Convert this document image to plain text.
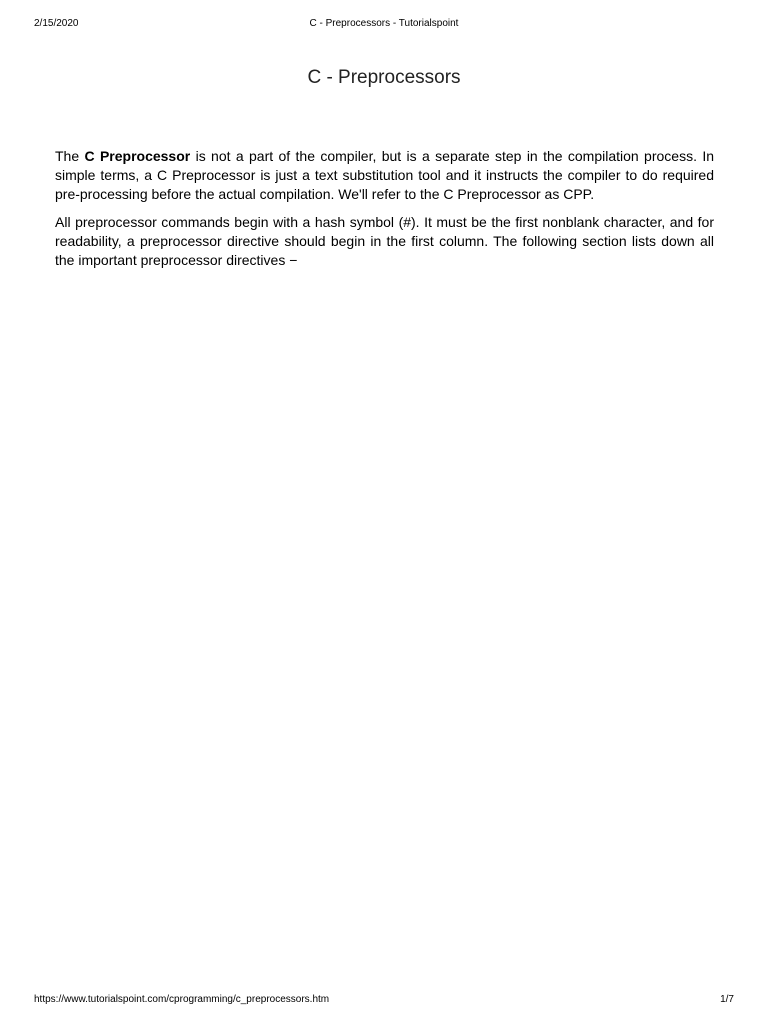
2/15/2020	C - Preprocessors - Tutorialspoint
C - Preprocessors

The C Preprocessor is not a part of the compiler, but is a separate step in the compilation process. In simple terms, a C Preprocessor is just a text substitution tool and it instructs the compiler to do required pre-processing before the actual compilation. We'll refer to the C Preprocessor as CPP.

All preprocessor commands begin with a hash symbol (#). It must be the first nonblank character, and for readability, a preprocessor directive should begin in the first column. The following section lists down all the important preprocessor directives −

https://www.tutorialspoint.com/cprogramming/c_preprocessors.htm	1/7
